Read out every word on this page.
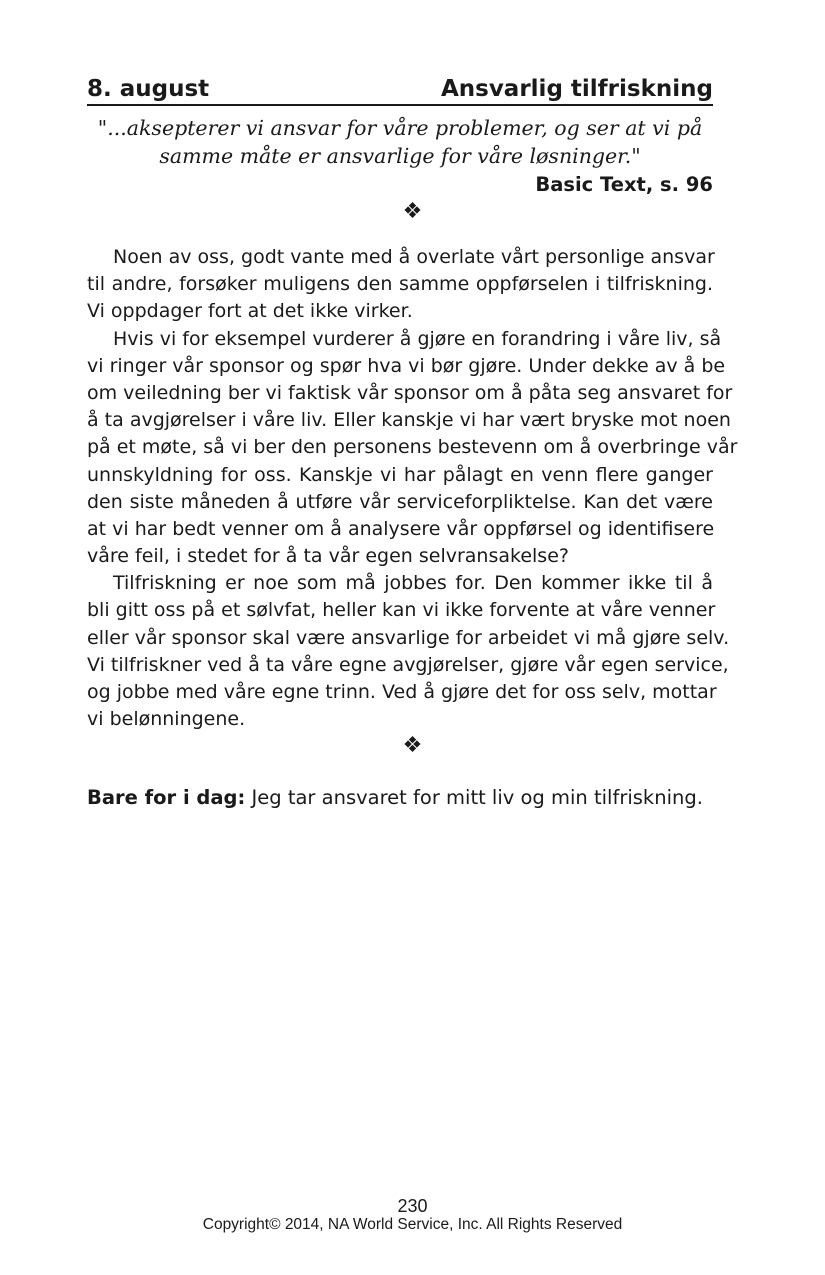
8. august	Ansvarlig tilfriskning
"...aksepterer vi ansvar for våre problemer, og ser at vi på
samme måte er ansvarlige for våre løsninger."
Basic Text, s. 96
❖
Noen av oss, godt vante med å overlate vårt personlige ansvar
til andre, forsøker muligens den samme oppførselen i tilfriskning.
Vi oppdager fort at det ikke virker.
Hvis vi for eksempel vurderer å gjøre en forandring i våre liv, så
vi ringer vår sponsor og spør hva vi bør gjøre. Under dekke av å be
om veiledning ber vi faktisk vår sponsor om å påta seg ansvaret for
å ta avgjørelser i våre liv. Eller kanskje vi har vært bryske mot noen
på et møte, så vi ber den personens bestevenn om å overbringe vår
unnskyldning for oss. Kanskje vi har pålagt en venn flere ganger
den siste måneden å utføre vår serviceforpliktelse. Kan det være
at vi har bedt venner om å analysere vår oppførsel og identifisere
våre feil, i stedet for å ta vår egen selvransakelse?
Tilfriskning er noe som må jobbes for. Den kommer ikke til å
bli gitt oss på et sølvfat, heller kan vi ikke forvente at våre venner
eller vår sponsor skal være ansvarlige for arbeidet vi må gjøre selv.
Vi tilfriskner ved å ta våre egne avgjørelser, gjøre vår egen service,
og jobbe med våre egne trinn. Ved å gjøre det for oss selv, mottar
vi belønningene.
❖
Bare for i dag: Jeg tar ansvaret for mitt liv og min tilfriskning.
230
Copyright© 2014, NA World Service, Inc. All Rights Reserved
